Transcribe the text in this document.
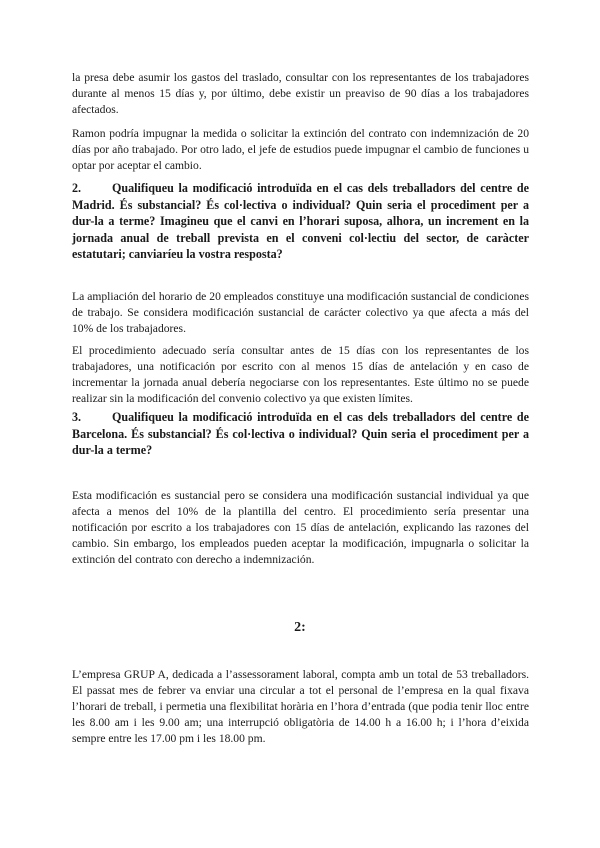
la presa debe asumir los gastos del traslado, consultar con los representantes de los trabajadores durante al menos 15 días y, por último, debe existir un preaviso de 90 días a los trabajadores afectados.

Ramon podría impugnar la medida o solicitar la extinción del contrato con indemnización de 20 días por año trabajado. Por otro lado, el jefe de estudios puede impugnar el cambio de funciones u optar por aceptar el cambio.

2.	Qualifiqueu la modificació introduïda en el cas dels treballadors del centre de Madrid. És substancial? És col·lectiva o individual? Quin seria el procediment per a dur-la a terme? Imagineu que el canvi en l’horari suposa, alhora, un increment en la jornada anual de treball prevista en el conveni col·lectiu del sector, de caràcter estatutari; canviaríeu la vostra resposta?

La ampliación del horario de 20 empleados constituye una modificación sustancial de condiciones de trabajo. Se considera modificación sustancial de carácter colectivo ya que afecta a más del 10% de los trabajadores.

El procedimiento adecuado sería consultar antes de 15 días con los representantes de los trabajadores, una notificación por escrito con al menos 15 días de antelación y en caso de incrementar la jornada anual debería negociarse con los representantes. Este último no se puede realizar sin la modificación del convenio colectivo ya que existen límites.

3.	Qualifiqueu la modificació introduïda en el cas dels treballadors del centre de Barcelona. És substancial? És col·lectiva o individual? Quin seria el procediment per a dur-la a terme?

Esta modificación es sustancial pero se considera una modificación sustancial individual ya que afecta a menos del 10% de la plantilla del centro. El procedimiento sería presentar una notificación por escrito a los trabajadores con 15 días de antelación, explicando las razones del cambio. Sin embargo, los empleados pueden aceptar la modificación, impugnarla o solicitar la extinción del contrato con derecho a indemnización.

2:

L’empresa GRUP A, dedicada a l’assessorament laboral, compta amb un total de 53 treballadors. El passat mes de febrer va enviar una circular a tot el personal de l’empresa en la qual fixava l’horari de treball, i permetia una flexibilitat horària en l’hora d’entrada (que podia tenir lloc entre les 8.00 am i les 9.00 am; una interrupció obligatòria de 14.00 h a 16.00 h; i l’hora d’eixida sempre entre les 17.00 pm i les 18.00 pm.
